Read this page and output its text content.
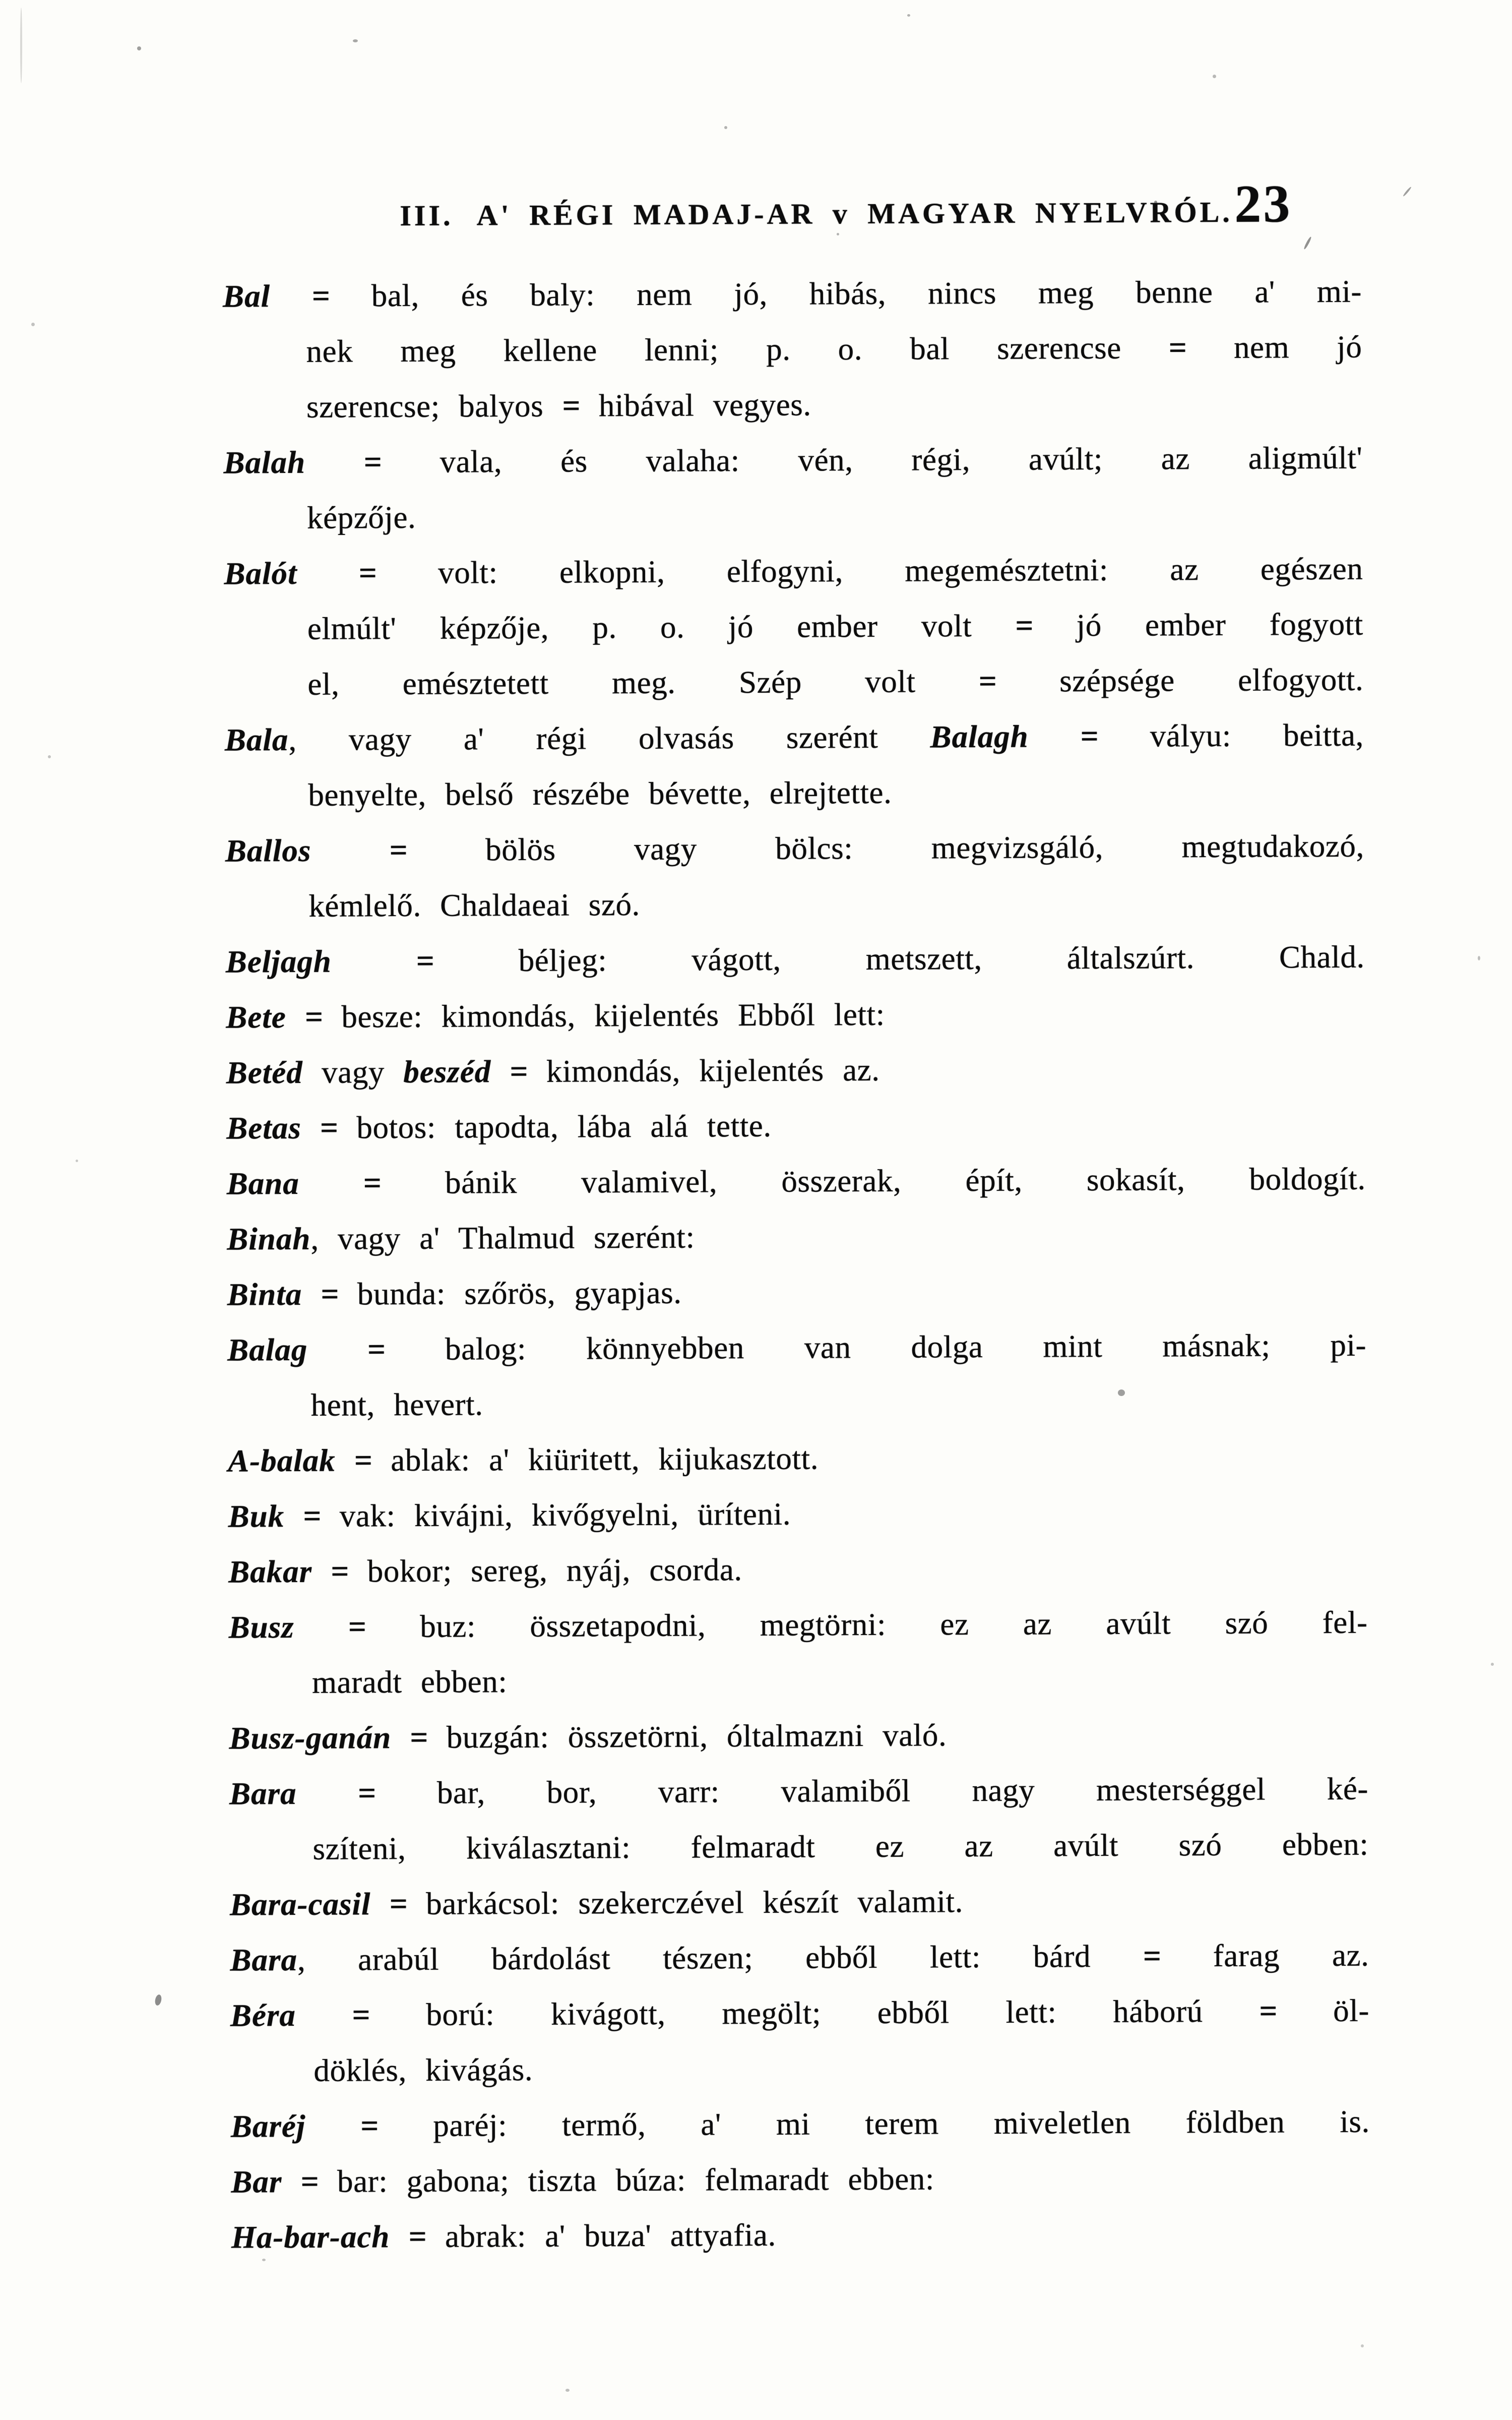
III. A' RÉGI MADAJ-AR v MAGYAR NYELVRÓL. 23
Bal = bal, és baly: nem jó, hibás, nincs meg benne a' mi-
nek meg kellene lenni; p. o. bal szerencse = nem jó
szerencse; balyos = hibával vegyes.
Balah = vala, és valaha: vén, régi, avúlt; az aligmúlt'
képzője.
Balót = volt: elkopni, elfogyni, megemésztetni: az egészen
elmúlt' képzője, p. o. jó ember volt = jó ember fogyott
el, emésztetett meg. Szép volt = szépsége elfogyott.
Bala, vagy a' régi olvasás szerént Balagh = vályu: beitta,
benyelte, belső részébe bévette, elrejtette.
Ballos = bölös vagy bölcs: megvizsgáló, megtudakozó,
kémlelő. Chaldaeai szó.
Beljagh	= béljeg: vágott, metszett, általszúrt. Chald.
Bete = besze: kimondás, kijelentés Ebből lett:
Betéd vagy beszéd = kimondás, kijelentés az.
Betas = botos: tapodta, lába alá tette.
Bana = bánik valamivel, összerak, épít, sokasít, boldogít.
Binah, vagy a' Thalmud szerént:
Binta = bunda: szőrös, gyapjas.
Balag = balog: könnyebben van dolga mint másnak; pi-
hent, hevert.
A-balak = ablak: a' kiüritett, kijukasztott.
Buk = vak: kivájni, kivőgyelni, üríteni.
Bakar = bokor; sereg, nyáj, csorda.
Busz = buz: összetapodni, megtörni: ez az avúlt szó fel-
maradt ebben:
Busz-ganán = buzgán: összetörni, óltalmazni való.
Bara = bar, bor, varr: valamiből nagy mesterséggel ké-
szíteni, kiválasztani: felmaradt ez az avúlt szó ebben:
Bara-casil = barkácsol: szekerczével készít valamit.
Bara, arabúl bárdolást tészen; ebből lett: bárd = farag az.
Béra = ború: kivágott, megölt; ebből lett: háború = öl-
döklés, kivágás.
Baréj = paréj: termő, a' mi terem miveletlen földben is.
Bar = bar: gabona; tiszta búza: felmaradt ebben:
Ha-bar-ach = abrak: a' buza' attyafia.
